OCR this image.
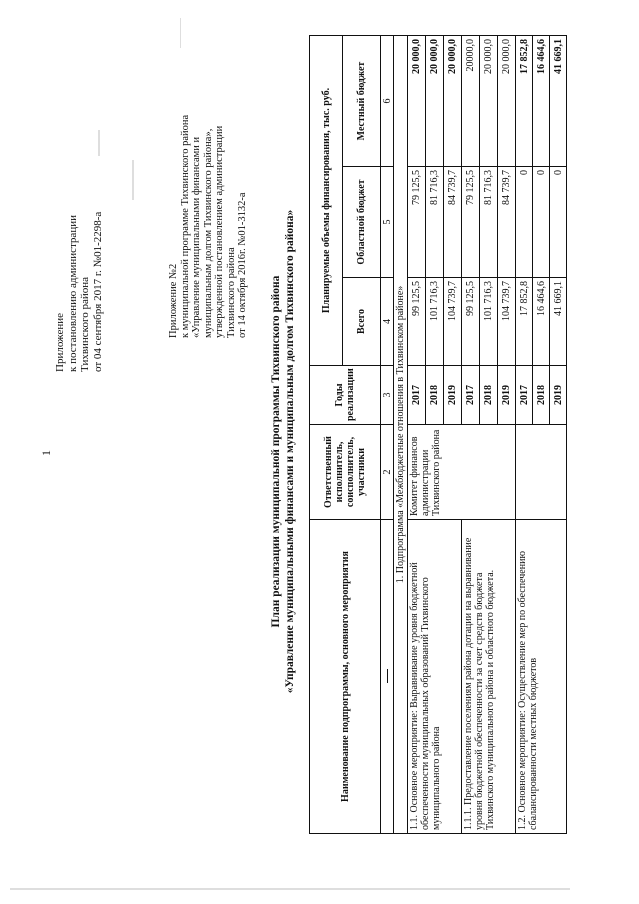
1
Приложение к постановлению администрации Тихвинского района от 04 сентября 2017 г. №01-2298-а	Приложение №2 к муниципальной программе Тихвинского района «Управление муниципальными финансами и муниципальным долгом Тихвинского района», утвержденной постановлением администрации Тихвинского района от 14 октября 2016г. №01-3132-а
План реализации муниципальной программы Тихвинского района «Управление муниципальными финансами и муниципальным долгом Тихвинского района»	Наименование подпрограммы, основного мероприятия	Ответственный исполнитель, соисполнитель, участники	Годы реализации	Планируемые объемы финансирования, тыс. руб.		
			Всего	Областной бюджет	Местный бюджет
	2	3	4	5	6
1. Подпрограмма «Межбюджетные отношения в Тихвинском районе»					
1.1. Основное мероприятие: Выравнивание уровня бюджетной обеспеченности муниципальных образований Тихвинского муниципального района	Комитет финансов администрации Тихвинского района	2017	99 125,5	79 125,5	20 000,0
		2018	101 716,3	81 716,3	20 000,0
		2019	104 739,7	84 739,7	20 000,0
1.1.1. Предоставление поселениям района дотации на выравнивание уровня бюджетной обеспеченности за счет средств бюджета Тихвинского муниципального района и областного бюджета.		2017	99 125,5	79 125,5	20000,0
		2018	101 716,3	81 716,3	20 000,0
		2019	104 739,7	84 739,7	20 000,0
1.2. Основное мероприятие: Осуществление мер по обеспечению сбалансированности местных бюджетов		2017	17 852,8	0	17 852,8
		2018	16 464,6	0	16 464,6
		2019	41 669,1	0	41 669,1
